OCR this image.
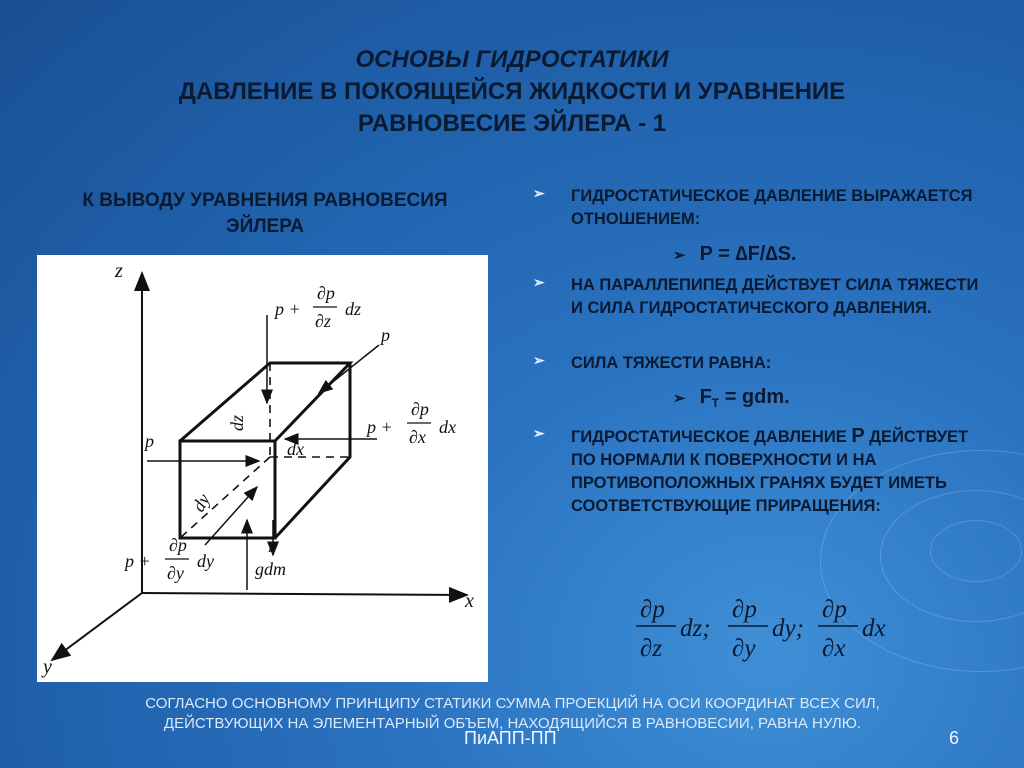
ОСНОВЫ ГИДРОСТАТИКИ
ДАВЛЕНИЕ В ПОКОЯЩЕЙСЯ ЖИДКОСТИ И УРАВНЕНИЕ
РАВНОВЕСИЕ ЭЙЛЕРА - 1
К ВЫВОДУ УРАВНЕНИЯ РАВНОВЕСИЯ
ЭЙЛЕРА
z
x
y
p +
∂p
∂z
dz
p +
∂p
∂x dx
p +
∂p
∂y
dy
p
p
p
dz
dx
dy
gdm
➢ ГИДРОСТАТИЧЕСКОЕ ДАВЛЕНИЕ ВЫРАЖАЕТСЯ ОТНОШЕНИЕМ:
➢ P = ∆F/∆S.
➢ НА ПАРАЛЛЕПИПЕД ДЕЙСТВУЕТ СИЛА ТЯЖЕСТИ И СИЛА ГИДРОСТАТИЧЕСКОГО ДАВЛЕНИЯ.
➢ СИЛА ТЯЖЕСТИ РАВНА:
➢ $F_T$ = gdm.
➢ ГИДРОСТАТИЧЕСКОЕ ДАВЛЕНИЕ P ДЕЙСТВУЕТ ПО НОРМАЛИ К ПОВЕРХНОСТИ И НА ПРОТИВОПОЛОЖНЫХ ГРАНЯХ БУДЕТ ИМЕТЬ СООТВЕТСТВУЮЩИЕ ПРИРАЩЕНИЯ:
∂p
∂z
dz;
∂p
∂y
dy;
∂p
∂x
dx
СОГЛАСНО ОСНОВНОМУ ПРИНЦИПУ СТАТИКИ СУММА ПРОЕКЦИЙ НА ОСИ КООРДИНАТ ВСЕХ СИЛ,
ДЕЙСТВУЮЩИХ НА ЭЛЕМЕНТАРНЫЙ ОБЪЕМ, НАХОДЯЩИЙСЯ В РАВНОВЕСИИ, РАВНА НУЛЮ.
ПиАПП-ПП	6
